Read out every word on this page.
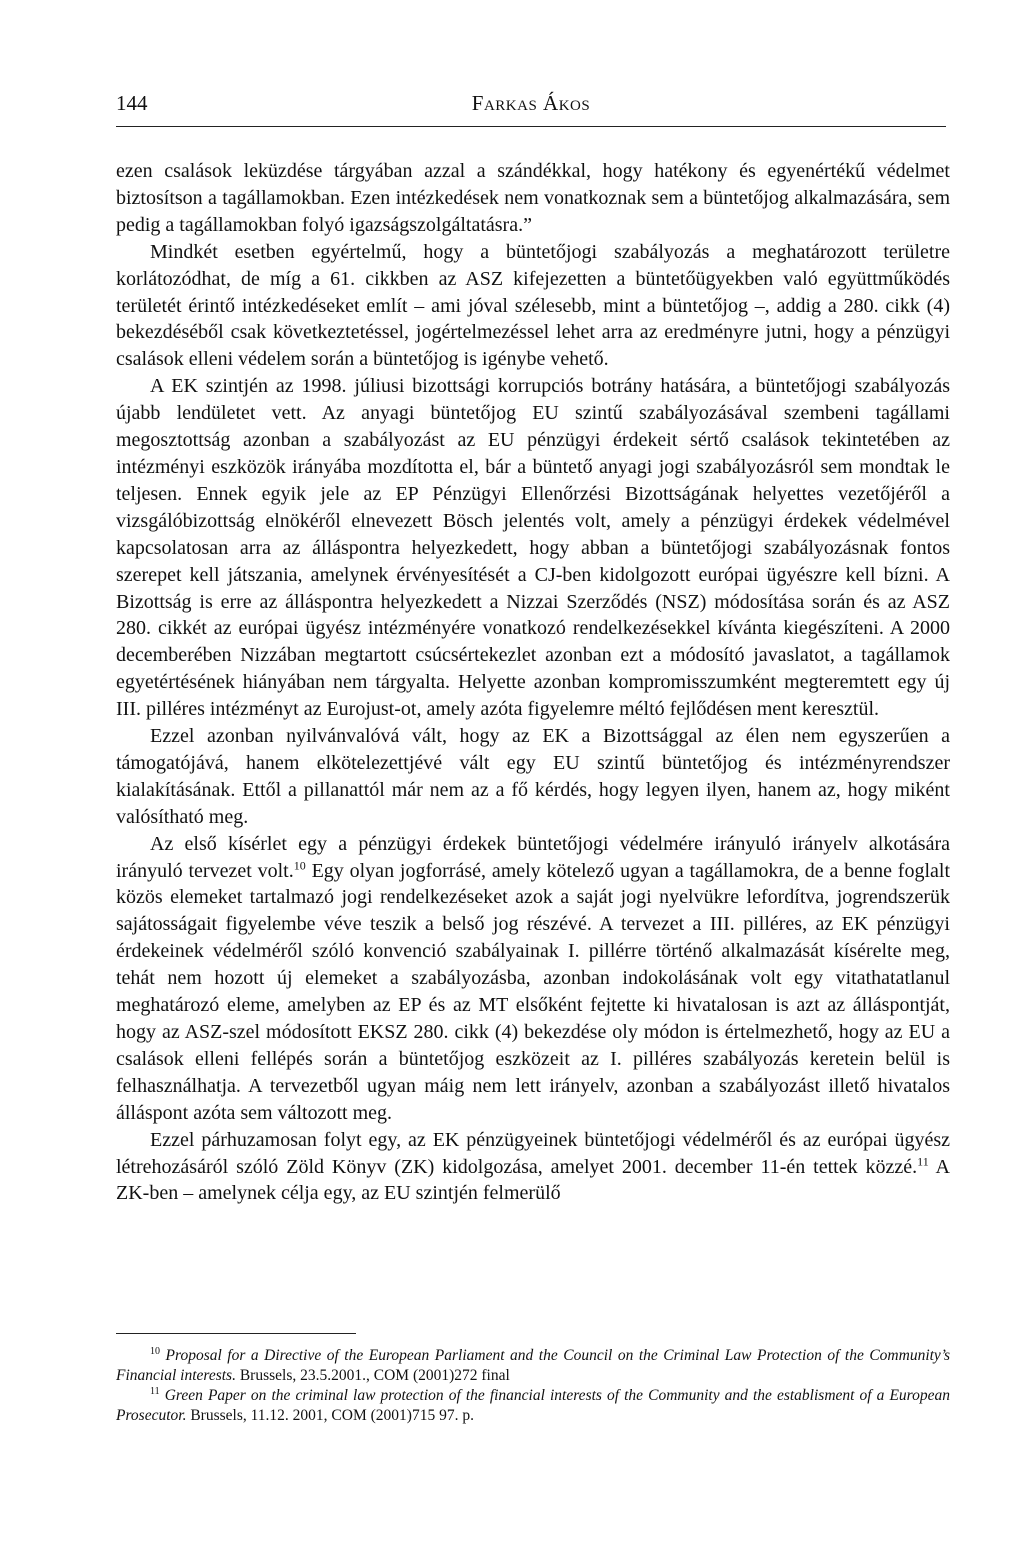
144	Farkas Ákos

ezen csalások leküzdése tárgyában azzal a szándékkal, hogy hatékony és egyenértékű védelmet biztosítson a tagállamokban. Ezen intézkedések nem vonatkoznak sem a büntetőjog alkalmazására, sem pedig a tagállamokban folyó igazságszolgáltatásra.”

Mindkét esetben egyértelmű, hogy a büntetőjogi szabályozás a meghatározott területre korlátozódhat, de míg a 61. cikkben az ASZ kifejezetten a büntetőügyekben való együttműködés területét érintő intézkedéseket említ – ami jóval szélesebb, mint a büntetőjog –, addig a 280. cikk (4) bekezdéséből csak következtetéssel, jogértelmezéssel lehet arra az eredményre jutni, hogy a pénzügyi csalások elleni védelem során a büntetőjog is igénybe vehető.

A EK szintjén az 1998. júliusi bizottsági korrupciós botrány hatására, a büntetőjogi szabályozás újabb lendületet vett. Az anyagi büntetőjog EU szintű szabályozásával szembeni tagállami megosztottság azonban a szabályozást az EU pénzügyi érdekeit sértő csalások tekintetében az intézményi eszközök irányába mozdította el, bár a büntető anyagi jogi szabályozásról sem mondtak le teljesen. Ennek egyik jele az EP Pénzügyi Ellenőrzési Bizottságának helyettes vezetőjéről a vizsgálóbizottság elnökéről elnevezett Bösch jelentés volt, amely a pénzügyi érdekek védelmével kapcsolatosan arra az álláspontra helyezkedett, hogy abban a büntetőjogi szabályozásnak fontos szerepet kell játszania, amelynek érvényesítését a CJ-ben kidolgozott európai ügyészre kell bízni. A Bizottság is erre az álláspontra helyezkedett a Nizzai Szerződés (NSZ) módosítása során és az ASZ 280. cikkét az európai ügyész intézményére vonatkozó rendelkezésekkel kívánta kiegészíteni. A 2000 decemberében Nizzában megtartott csúcsértekezlet azonban ezt a módosító javaslatot, a tagállamok egyetértésének hiányában nem tárgyalta. Helyette azonban kompromisszumként megteremtett egy új III. pilléres intézményt az Eurojust-ot, amely azóta figyelemre méltó fejlődésen ment keresztül.

Ezzel azonban nyilvánvalóvá vált, hogy az EK a Bizottsággal az élen nem egyszerűen a támogatójává, hanem elkötelezettjévé vált egy EU szintű büntetőjog és intézményrendszer kialakításának. Ettől a pillanattól már nem az a fő kérdés, hogy legyen ilyen, hanem az, hogy miként valósítható meg.

Az első kísérlet egy a pénzügyi érdekek büntetőjogi védelmére irányuló irányelv alkotására irányuló tervezet volt.$^{10}$ Egy olyan jogforrásé, amely kötelező ugyan a tagállamokra, de a benne foglalt közös elemeket tartalmazó jogi rendelkezéseket azok a saját jogi nyelvükre lefordítva, jogrendszerük sajátosságait figyelembe véve teszik a belső jog részévé. A tervezet a III. pilléres, az EK pénzügyi érdekeinek védelméről szóló konvenció szabályainak I. pillérre történő alkalmazását kísérelte meg, tehát nem hozott új elemeket a szabályozásba, azonban indokolásának volt egy vitathatatlanul meghatározó eleme, amelyben az EP és az MT elsőként fejtette ki hivatalosan is azt az álláspontját, hogy az ASZ-szel módosított EKSZ 280. cikk (4) bekezdése oly módon is értelmezhető, hogy az EU a csalások elleni fellépés során a büntetőjog eszközeit az I. pilléres szabályozás keretein belül is felhasználhatja. A tervezetből ugyan máig nem lett irányelv, azonban a szabályozást illető hivatalos álláspont azóta sem változott meg.

Ezzel párhuzamosan folyt egy, az EK pénzügyeinek büntetőjogi védelméről és az európai ügyész létrehozásáról szóló Zöld Könyv (ZK) kidolgozása, amelyet 2001. december 11-én tettek közzé.$^{11}$ A ZK-ben – amelynek célja egy, az EU szintjén felmerülő

$^{10}$ Proposal for a Directive of the European Parliament and the Council on the Criminal Law Protection of the Community’s Financial interests. Brussels, 23.5.2001., COM (2001)272 final

$^{11}$ Green Paper on the criminal law protection of the financial interests of the Community and the establisment of a European Prosecutor. Brussels, 11.12. 2001, COM (2001)715 97. p.
